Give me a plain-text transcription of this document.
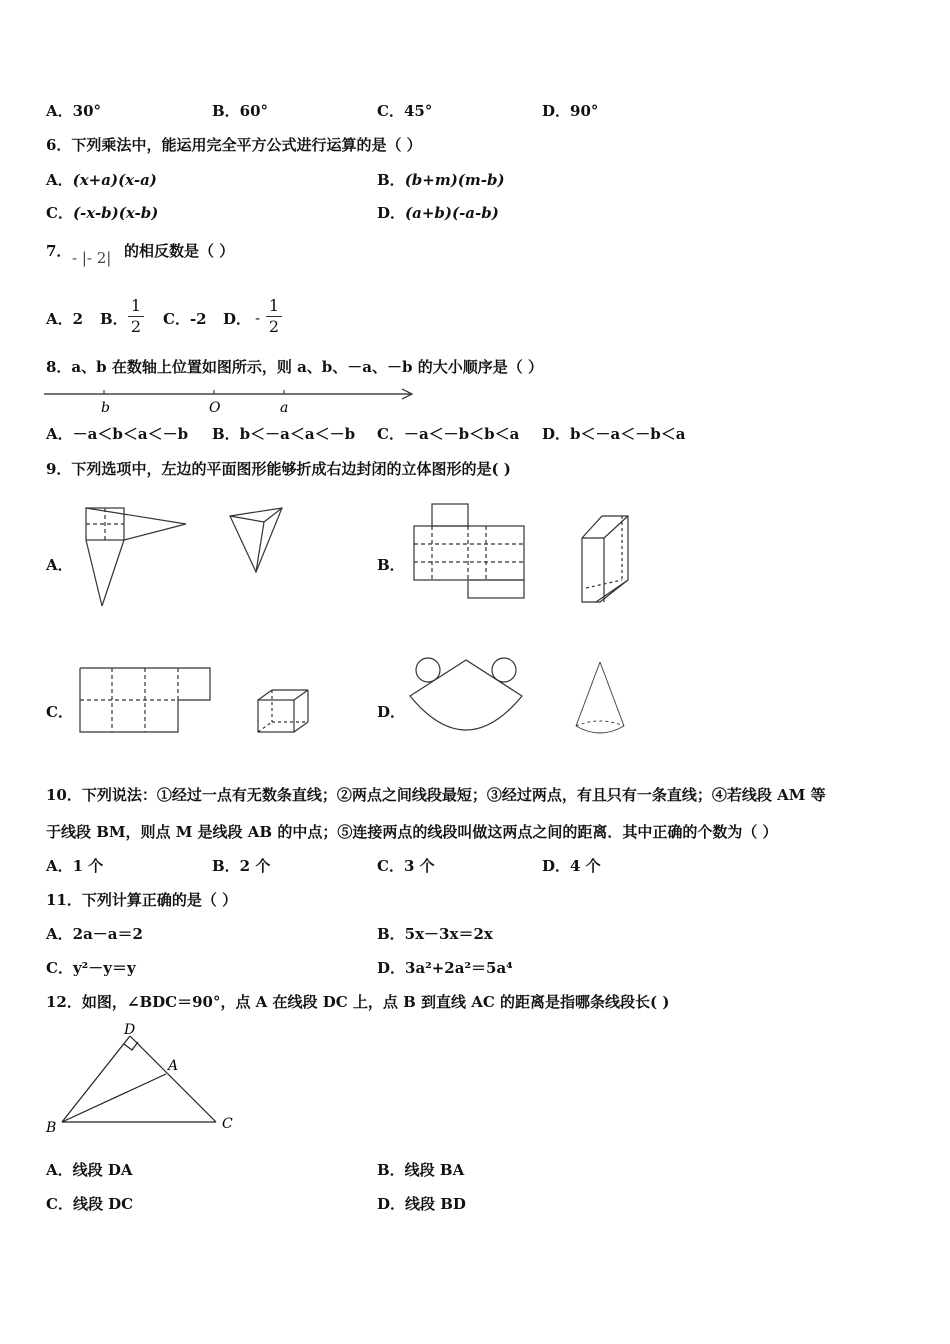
A．30°	B．60°	C．45°	D．90°
6．下列乘法中，能运用完全平方公式进行运算的是（ ）
A．(x+a)(x-a)	B．(b+m)(m-b)
C．(-x-b)(x-b)	D．(a+b)(-a-b)
7． - |- 2| 的相反数是（ ）
A．2 B．
1
2 C．-2 D． -
1
2
8．a、b 在数轴上位置如图所示，则 a、b、－a、－b 的大小顺序是（ ）
b	O	a
A．－a＜b＜a＜－b B．b＜－a＜a＜－b C．－a＜－b＜b＜a D．b＜－a＜－b＜a
9．下列选项中，左边的平面图形能够折成右边封闭的立体图形的是( )
A．	B．
C．	D．
10．下列说法：①经过一点有无数条直线；②两点之间线段最短；③经过两点，有且只有一条直线；④若线段 AM 等
于线段 BM，则点 M 是线段 AB 的中点；⑤连接两点的线段叫做这两点之间的距离．其中正确的个数为（ ）
A．1 个	B．2 个	C．3 个	D．4 个
11．下列计算正确的是（ ）
A．2a－a＝2	B．5x－3x＝2x
C．y²－y＝y	D．3a²+2a²＝5a⁴
12．如图，∠BDC＝90°，点 A 在线段 DC 上，点 B 到直线 AC 的距离是指哪条线段长( )
D
A
B	C
A．线段 DA	B．线段 BA
C．线段 DC	D．线段 BD
